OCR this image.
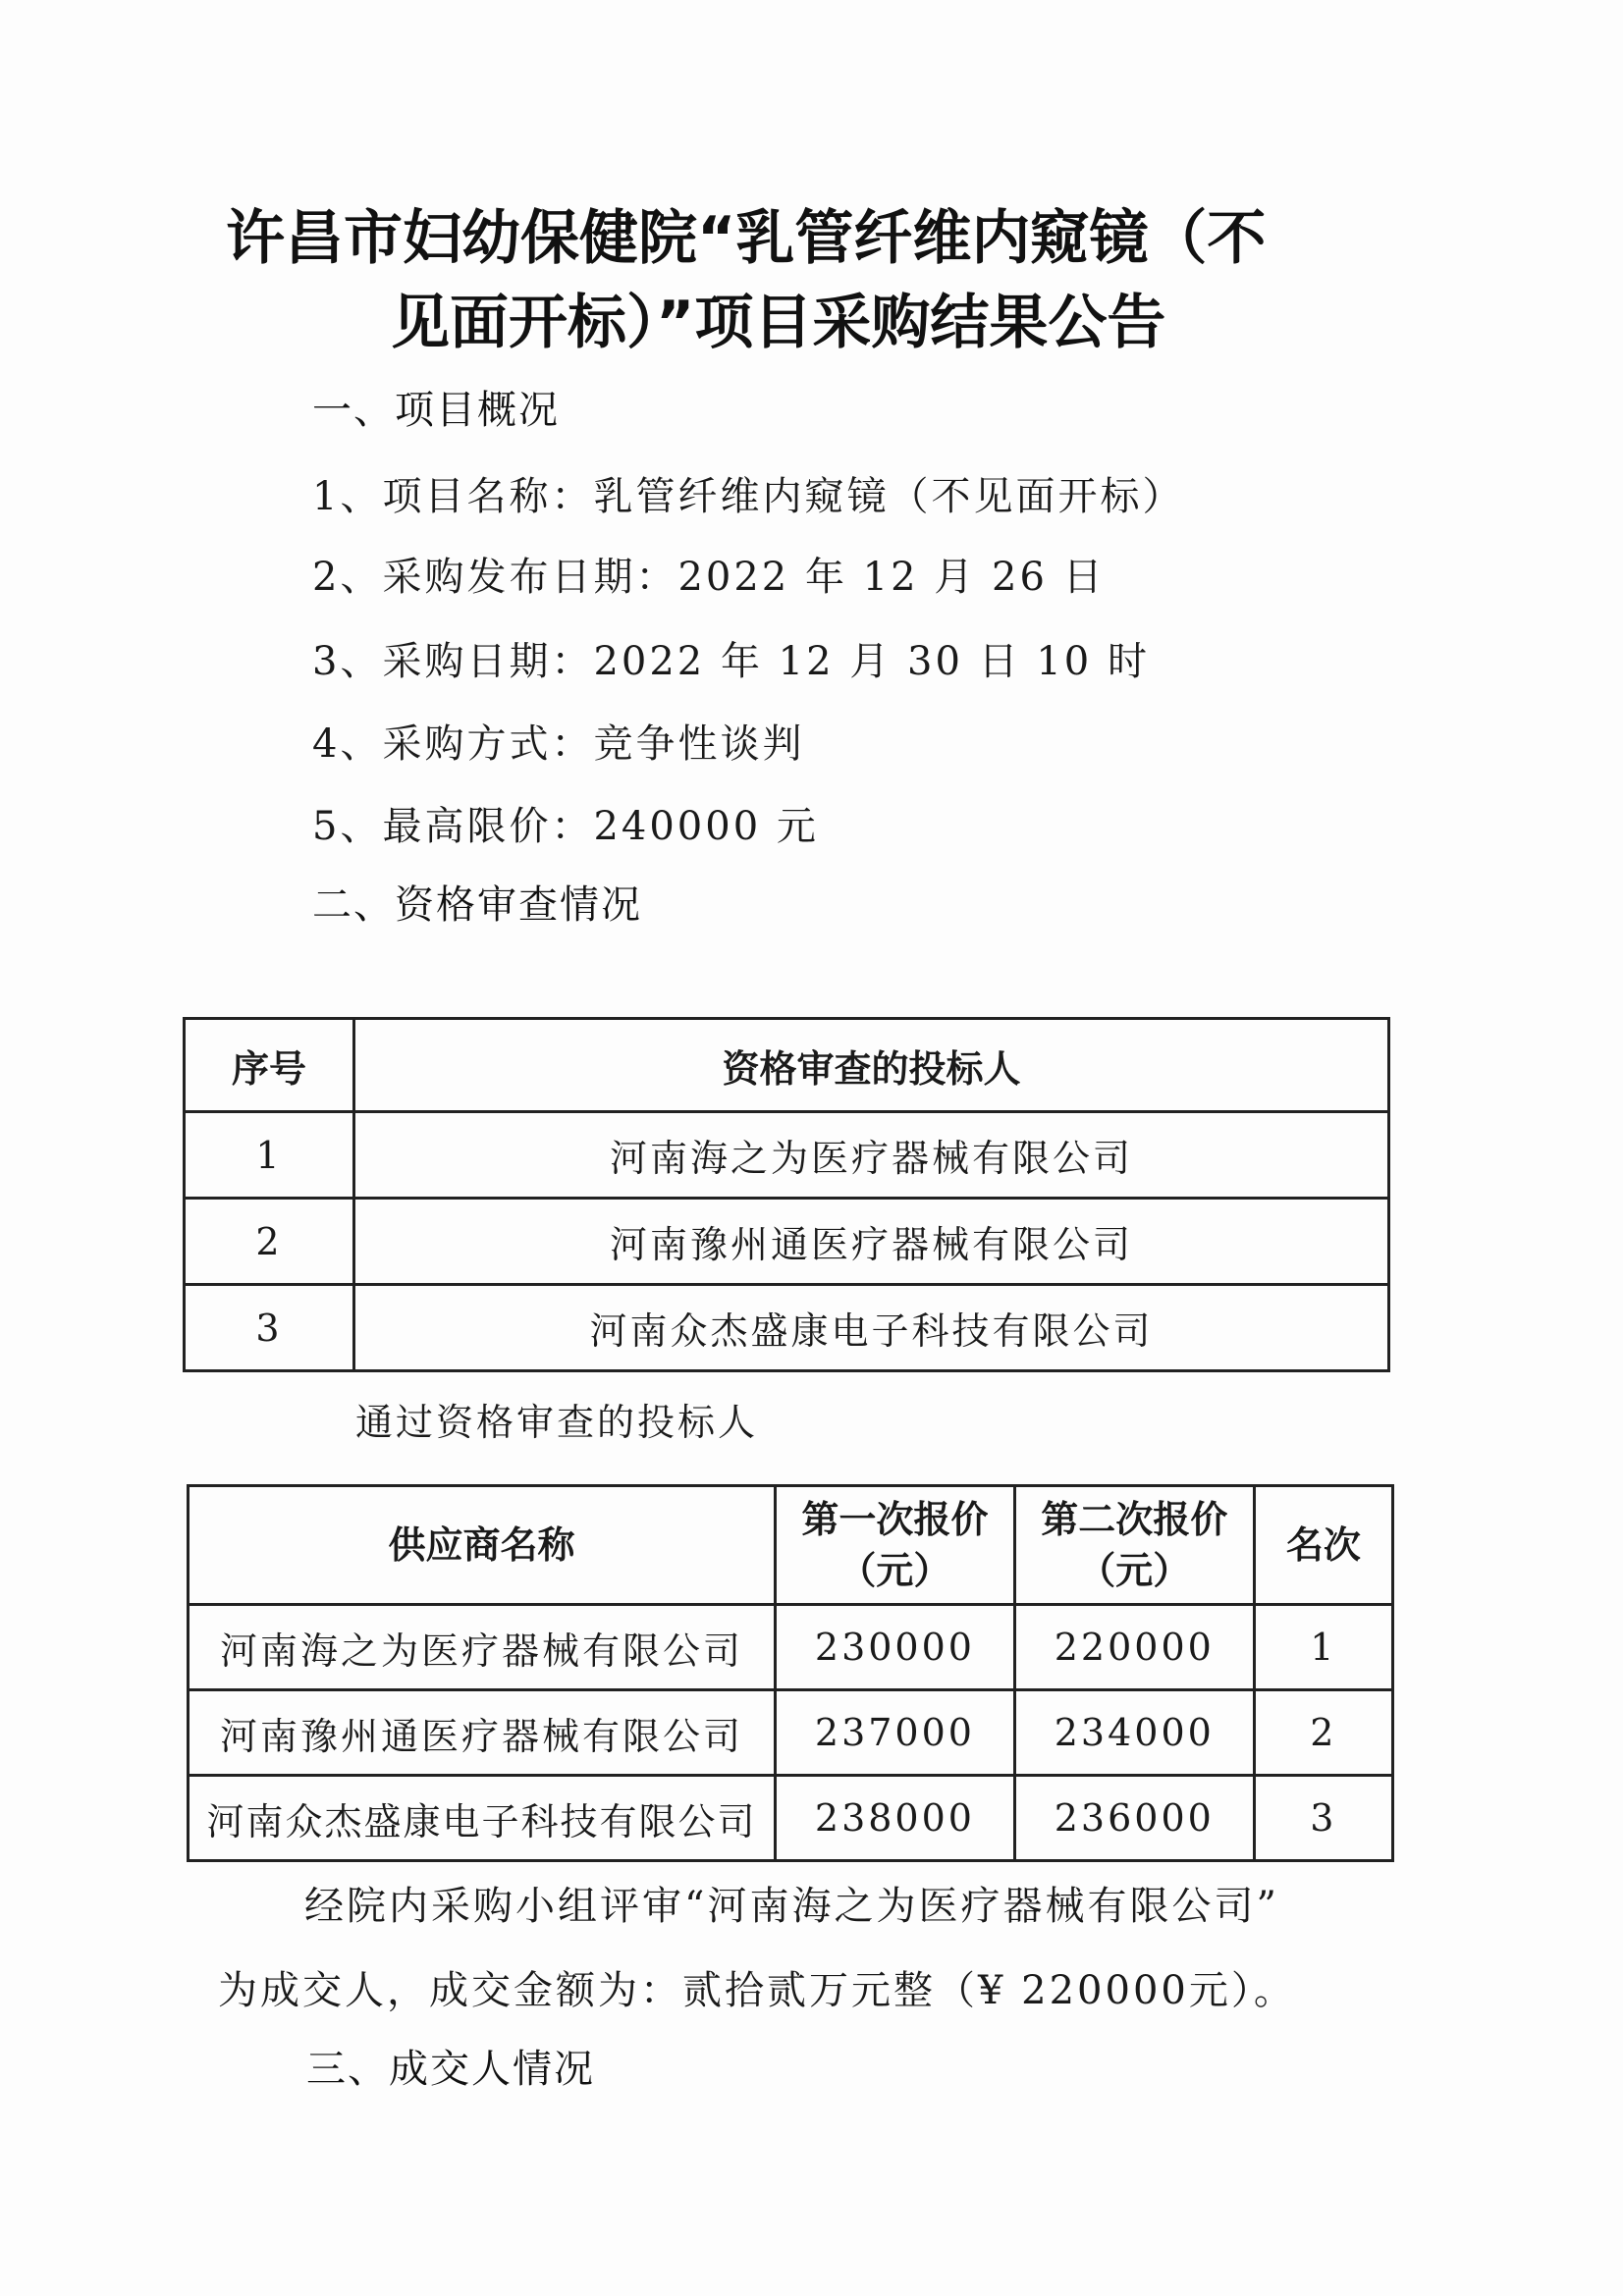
许昌市妇幼保健院“乳管纤维内窥镜（不
见面开标）”项目采购结果公告
一、项目概况
1、项目名称：乳管纤维内窥镜（不见面开标）
2、采购发布日期：2022 年 12 月 26 日
3、采购日期：2022 年 12 月 30 日 10 时
4、采购方式：竞争性谈判
5、最高限价：240000 元
二、资格审查情况
序号	资格审查的投标人
1	河南海之为医疗器械有限公司
2	河南豫州通医疗器械有限公司
3	河南众杰盛康电子科技有限公司
通过资格审查的投标人
供应商名称	第一次报价（元）	第二次报价（元）	名次
河南海之为医疗器械有限公司	230000	220000	1
河南豫州通医疗器械有限公司	237000	234000	2
河南众杰盛康电子科技有限公司	238000	236000	3
经院内采购小组评审“河南海之为医疗器械有限公司”
为成交人，成交金额为：贰拾贰万元整（¥ 220000元）。
三、成交人情况
